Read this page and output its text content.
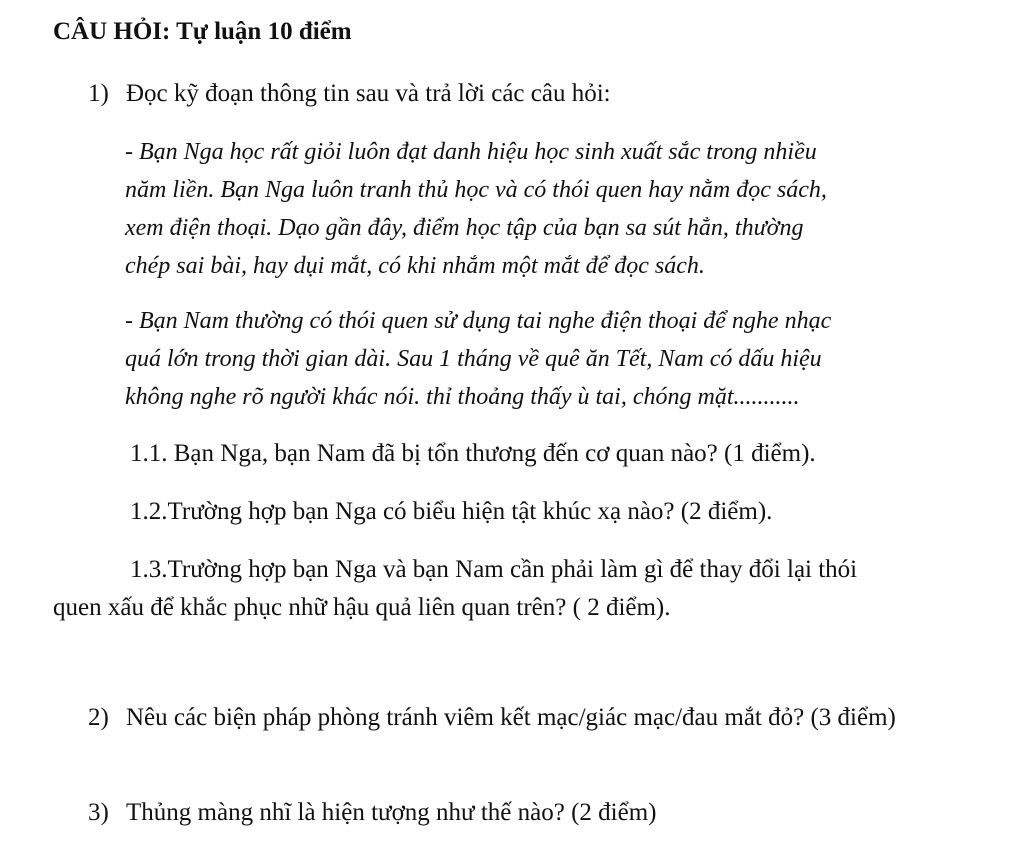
CÂU HỎI: Tự luận 10 điểm
1) Đọc kỹ đoạn thông tin sau và trả lời các câu hỏi:
- Bạn Nga học rất giỏi luôn đạt danh hiệu học sinh xuất sắc trong nhiều
năm liền. Bạn Nga luôn tranh thủ học và có thói quen hay nằm đọc sách,
xem điện thoại. Dạo gần đây, điểm học tập của bạn sa sút hẳn, thường
chép sai bài, hay dụi mắt, có khi nhắm một mắt để đọc sách.
- Bạn Nam thường có thói quen sử dụng tai nghe điện thoại để nghe nhạc
quá lớn trong thời gian dài. Sau 1 tháng về quê ăn Tết, Nam có dấu hiệu
không nghe rõ người khác nói. thỉ thoảng thấy ù tai, chóng mặt...........
1.1. Bạn Nga, bạn Nam đã bị tổn thương đến cơ quan nào? (1 điểm).
1.2.Trường hợp bạn Nga có biểu hiện tật khúc xạ nào? (2 điểm).
1.3.Trường hợp bạn Nga và bạn Nam cần phải làm gì để thay đổi lại thói
quen xấu để khắc phục nhữ hậu quả liên quan trên? ( 2 điểm).
2) Nêu các biện pháp phòng tránh viêm kết mạc/giác mạc/đau mắt đỏ? (3 điểm)
3) Thủng màng nhĩ là hiện tượng như thế nào? (2 điểm)
